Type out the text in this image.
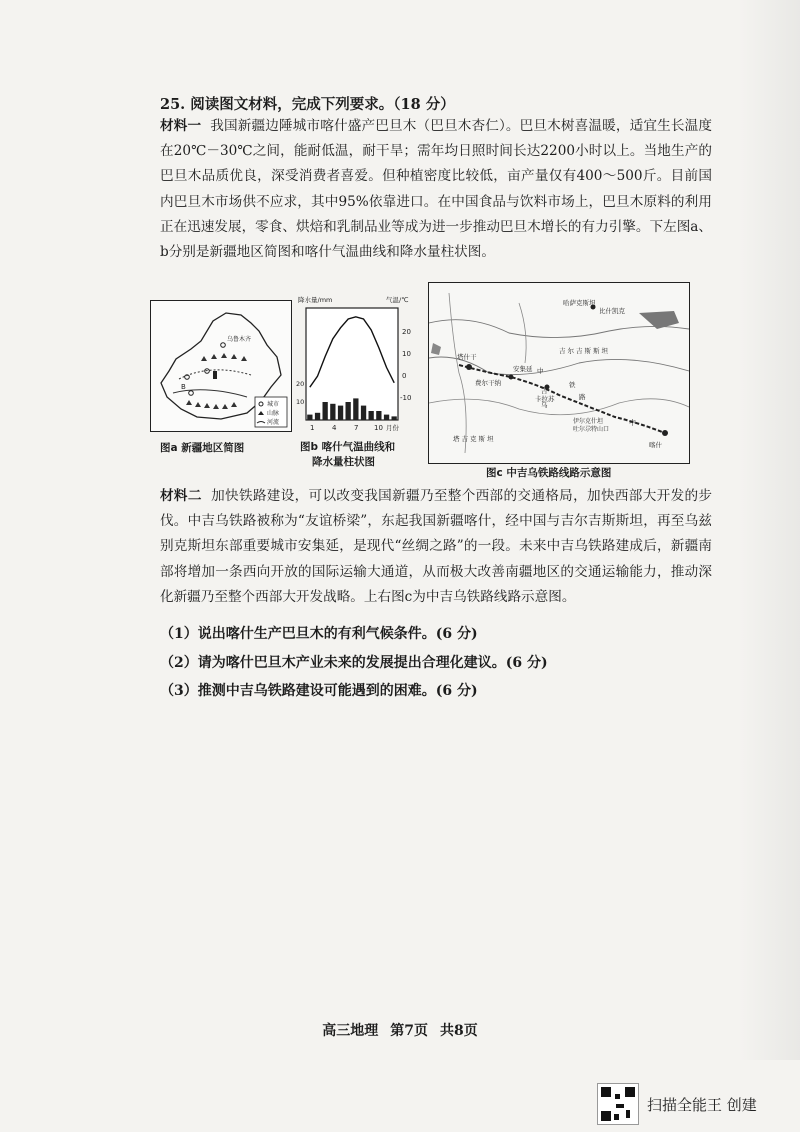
25. 阅读图文材料，完成下列要求。（18 分）
材料一 我国新疆边陲城市喀什盛产巴旦木（巴旦木杏仁）。巴旦木树喜温暖，适宜生长温度在20℃－30℃之间，能耐低温，耐干旱；需年均日照时间长达2200小时以上。当地生产的巴旦木品质优良，深受消费者喜爱。但种植密度比较低，亩产量仅有400～500斤。目前国内巴旦木市场供不应求，其中95%依靠进口。在中国食品与饮料市场上，巴旦木原料的利用正在迅速发展，零食、烘焙和乳制品业等成为进一步推动巴旦木增长的有力引擎。下左图a、b分别是新疆地区简图和喀什气温曲线和降水量柱状图。
乌鲁木齐
B
城市
山脉
河流
图a 新疆地区简图
降水量/mm	气温/℃
20
10
0
-10
20
10
1	4	7 10 月份
图b 喀什气温曲线和
降水量柱状图
哈萨克斯坦
比什凯克
吉尔吉斯斯坦
塔什干
费尔干纳
安集延 中
吉
乌
铁
路
卡拉苏
伊尔克什坦
吐尔尕特山口
塔吉克斯坦
中
喀什
图c 中吉乌铁路线路示意图
材料二 加快铁路建设，可以改变我国新疆乃至整个西部的交通格局，加快西部大开发的步伐。中吉乌铁路被称为“友谊桥梁”，东起我国新疆喀什，经中国与吉尔吉斯斯坦，再至乌兹别克斯坦东部重要城市安集延，是现代“丝绸之路”的一段。未来中吉乌铁路建成后，新疆南部将增加一条西向开放的国际运输大通道，从而极大改善南疆地区的交通运输能力，推动深化新疆乃至整个西部大开发战略。上右图c为中吉乌铁路线路示意图。
（1）说出喀什生产巴旦木的有利气候条件。(6 分)
（2）请为喀什巴旦木产业未来的发展提出合理化建议。(6 分)
（3）推测中吉乌铁路建设可能遇到的困难。(6 分)
高三地理 第7页 共8页
扫描全能王 创建
